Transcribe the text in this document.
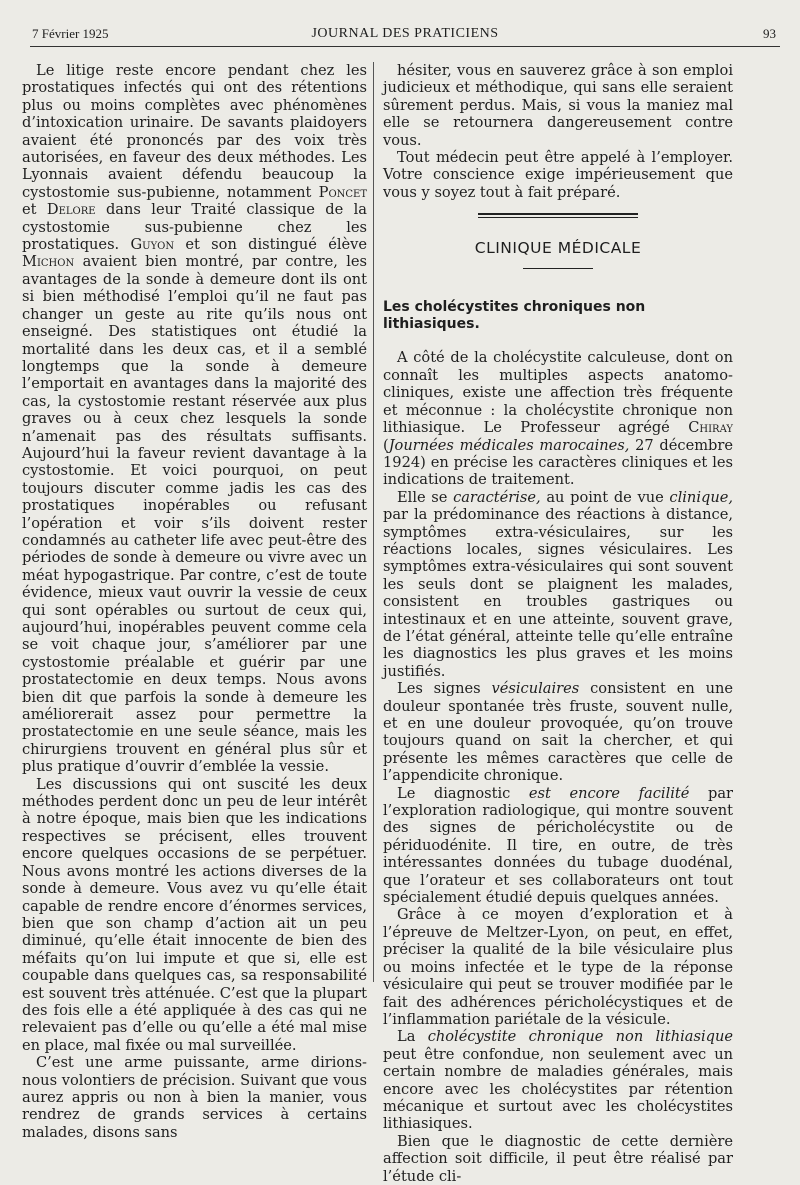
7 Février 1925	JOURNAL DES PRATICIENS	93

Le litige reste encore pendant chez les prostatiques infectés qui ont des rétentions plus ou moins complètes avec phénomènes d’intoxication urinaire. De savants plaidoyers avaient été prononcés par des voix très autorisées, en faveur des deux méthodes. Les Lyonnais avaient défendu beaucoup la cystostomie sus-pubienne, notamment Poncet et Delore dans leur Traité classique de la cystostomie sus-pubienne chez les prostatiques. Guyon et son distingué élève Michon avaient bien montré, par contre, les avantages de la sonde à demeure dont ils ont si bien méthodisé l’emploi qu’il ne faut pas changer un geste au rite qu’ils nous ont enseigné. Des statistiques ont étudié la mortalité dans les deux cas, et il a semblé longtemps que la sonde à demeure l’emportait en avantages dans la majorité des cas, la cystostomie restant réservée aux plus graves ou à ceux chez lesquels la sonde n’amenait pas des résultats suffisants. Aujourd’hui la faveur revient davantage à la cystostomie. Et voici pourquoi, on peut toujours discuter comme jadis les cas des prostatiques inopérables ou refusant l’opération et voir s’ils doivent rester condamnés au catheter life avec peut-être des périodes de sonde à demeure ou vivre avec un méat hypogastrique. Par contre, c’est de toute évidence, mieux vaut ouvrir la vessie de ceux qui sont opérables ou surtout de ceux qui, aujourd’hui, inopérables peuvent comme cela se voit chaque jour, s’améliorer par une cystostomie préalable et guérir par une prostatectomie en deux temps. Nous avons bien dit que parfois la sonde à demeure les améliorerait assez pour permettre la prostatectomie en une seule séance, mais les chirurgiens trouvent en général plus sûr et plus pratique d’ouvrir d’emblée la vessie.

Les discussions qui ont suscité les deux méthodes perdent donc un peu de leur intérêt à notre époque, mais bien que les indications respectives se précisent, elles trouvent encore quelques occasions de se perpétuer. Nous avons montré les actions diverses de la sonde à demeure. Vous avez vu qu’elle était capable de rendre encore d’énormes services, bien que son champ d’action ait un peu diminué, qu’elle était innocente de bien des méfaits qu’on lui impute et que si, elle est coupable dans quelques cas, sa responsabilité est souvent très atténuée. C’est que la plupart des fois elle a été appliquée à des cas qui ne relevaient pas d’elle ou qu’elle a été mal mise en place, mal fixée ou mal surveillée.

C’est une arme puissante, arme dirions-nous volontiers de précision. Suivant que vous aurez appris ou non à bien la manier, vous rendrez de grands services à certains malades, disons sans

hésiter, vous en sauverez grâce à son emploi judicieux et méthodique, qui sans elle seraient sûrement perdus. Mais, si vous la maniez mal elle se retournera dangereusement contre vous.

Tout médecin peut être appelé à l’employer. Votre conscience exige impérieusement que vous y soyez tout à fait préparé.

CLINIQUE MÉDICALE
Les cholécystites chroniques non lithiasiques.

A côté de la cholécystite calculeuse, dont on connaît les multiples aspects anatomo-cliniques, existe une affection très fréquente et méconnue : la cholécystite chronique non lithiasique. Le Professeur agrégé Chiray (Journées médicales marocaines, 27 décembre 1924) en précise les caractères cliniques et les indications de traitement.

Elle se caractérise, au point de vue clinique, par la prédominance des réactions à distance, symptômes extra-vésiculaires, sur les réactions locales, signes vésiculaires. Les symptômes extra-vésiculaires qui sont souvent les seuls dont se plaignent les malades, consistent en troubles gastriques ou intestinaux et en une atteinte, souvent grave, de l’état général, atteinte telle qu’elle entraîne les diagnostics les plus graves et les moins justifiés.

Les signes vésiculaires consistent en une douleur spontanée très fruste, souvent nulle, et en une douleur provoquée, qu’on trouve toujours quand on sait la chercher, et qui présente les mêmes caractères que celle de l’appendicite chronique.

Le diagnostic est encore facilité par l’exploration radiologique, qui montre souvent des signes de péricholécystite ou de périduodénite. Il tire, en outre, de très intéressantes données du tubage duodénal, que l’orateur et ses collaborateurs ont tout spécialement étudié depuis quelques années.

Grâce à ce moyen d’exploration et à l’épreuve de Meltzer-Lyon, on peut, en effet, préciser la qualité de la bile vésiculaire plus ou moins infectée et le type de la réponse vésiculaire qui peut se trouver modifiée par le fait des adhérences péricholécystiques et de l’inflammation pariétale de la vésicule.

La cholécystite chronique non lithiasique peut être confondue, non seulement avec un certain nombre de maladies générales, mais encore avec les cholécystites par rétention mécanique et surtout avec les cholécystites lithiasiques.

Bien que le diagnostic de cette dernière affection soit difficile, il peut être réalisé par l’étude cli-
